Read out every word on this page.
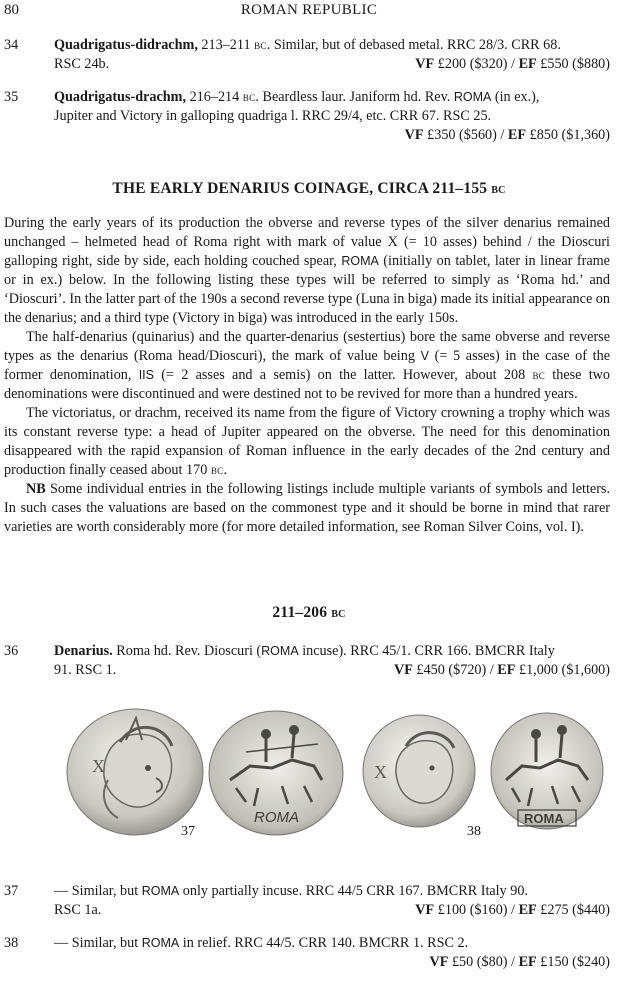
80	ROMAN REPUBLIC
34	Quadrigatus-didrachm, 213–211 bc. Similar, but of debased metal. RRC 28/3. CRR 68.
RSC 24b.	VF £200 ($320) / EF £550 ($880)
35	Quadrigatus-drachm, 216–214 bc. Beardless laur. Janiform hd. Rev. ROMA (in ex.),
Jupiter and Victory in galloping quadriga l. RRC 29/4, etc. CRR 67. RSC 25.
VF £350 ($560) / EF £850 ($1,360)
THE EARLY DENARIUS COINAGE, CIRCA 211–155 bc

During the early years of its production the obverse and reverse types of the silver denarius remained unchanged – helmeted head of Roma right with mark of value X (= 10 asses) behind / the Dioscuri galloping right, side by side, each holding couched spear, ROMA (initially on tablet, later in linear frame or in ex.) below. In the following listing these types will be referred to simply as ‘Roma hd.’ and ‘Dioscuri’. In the latter part of the 190s a second reverse type (Luna in biga) made its initial appearance on the denarius; and a third type (Victory in biga) was introduced in the early 150s.

The half-denarius (quinarius) and the quarter-denarius (sestertius) bore the same obverse and reverse types as the denarius (Roma head/Dioscuri), the mark of value being V (= 5 asses) in the case of the former denomination, IIS (= 2 asses and a semis) on the latter. However, about 208 bc these two denominations were discontinued and were destined not to be revived for more than a hundred years.

The victoriatus, or drachm, received its name from the figure of Victory crowning a trophy which was its constant reverse type: a head of Jupiter appeared on the obverse. The need for this denomination disappeared with the rapid expansion of Roman influence in the early decades of the 2nd century and production finally ceased about 170 bc.

NB Some individual entries in the following listings include multiple variants of symbols and letters. In such cases the valuations are based on the commonest type and it should be borne in mind that rarer varieties are worth considerably more (for more detailed information, see Roman Silver Coins, vol. I).

211–206 bc
36	Denarius. Roma hd. Rev. Dioscuri (ROMA incuse). RRC 45/1. CRR 166. BMCRR Italy
91. RSC 1.	VF £450 ($720) / EF £1,000 ($1,600)
X
ROMA
X
ROMA
37	38
37	— Similar, but ROMA only partially incuse. RRC 44/5 CRR 167. BMCRR Italy 90.
RSC 1a.	VF £100 ($160) / EF £275 ($440)
38	— Similar, but ROMA in relief. RRC 44/5. CRR 140. BMCRR 1. RSC 2.
VF £50 ($80) / EF £150 ($240)
